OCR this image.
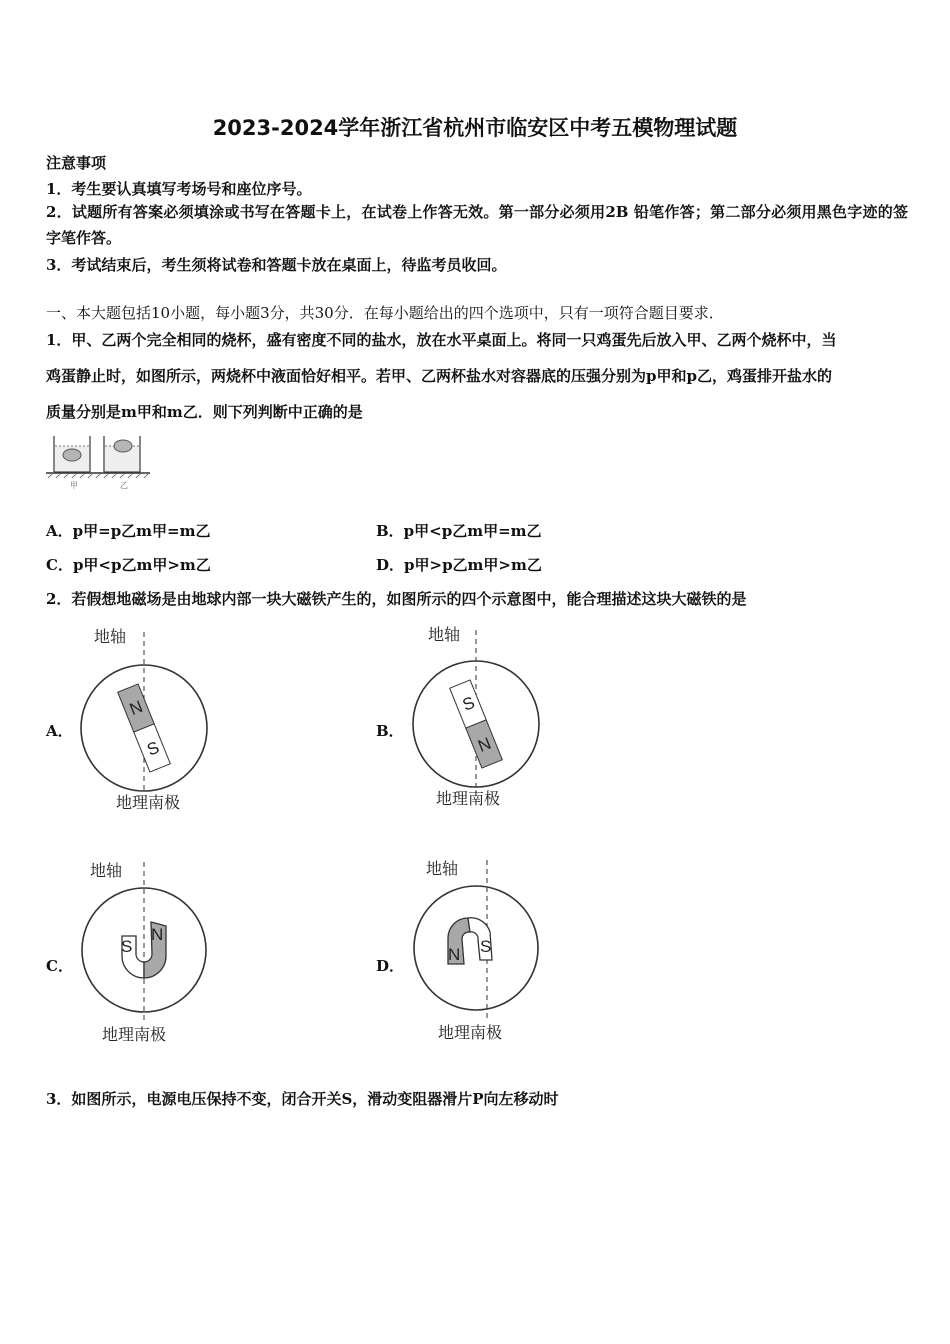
2023-2024学年浙江省杭州市临安区中考五模物理试题
注意事项
1．考生要认真填写考场号和座位序号。
2．试题所有答案必须填涂或书写在答题卡上，在试卷上作答无效。第一部分必须用2B 铅笔作答；第二部分必须用黑色字迹的签字笔作答。
3．考试结束后，考生须将试卷和答题卡放在桌面上，待监考员收回。
一、本大题包括10小题，每小题3分，共30分．在每小题给出的四个选项中，只有一项符合题目要求．
1．甲、乙两个完全相同的烧杯，盛有密度不同的盐水，放在水平桌面上。将同一只鸡蛋先后放入甲、乙两个烧杯中，当
鸡蛋静止时，如图所示，两烧杯中液面恰好相平。若甲、乙两杯盐水对容器底的压强分别为p甲和p乙，鸡蛋排开盐水的
质量分别是m甲和m乙．则下列判断中正确的是
甲	乙
A．p甲=p乙m甲=m乙	B．p甲<p乙m甲=m乙
C．p甲<p乙m甲>m乙	D．p甲>p乙m甲>m乙
2．若假想地磁场是由地球内部一块大磁铁产生的，如图所示的四个示意图中，能合理描述这块大磁铁的是
A．
地轴
N
S
地理南极
B．
地轴
S
N
地理南极
C．
地轴
S
N
地理南极
D．
地轴
N S
地理南极
3．如图所示，电源电压保持不变，闭合开关S，滑动变阻器滑片P向左移动时
